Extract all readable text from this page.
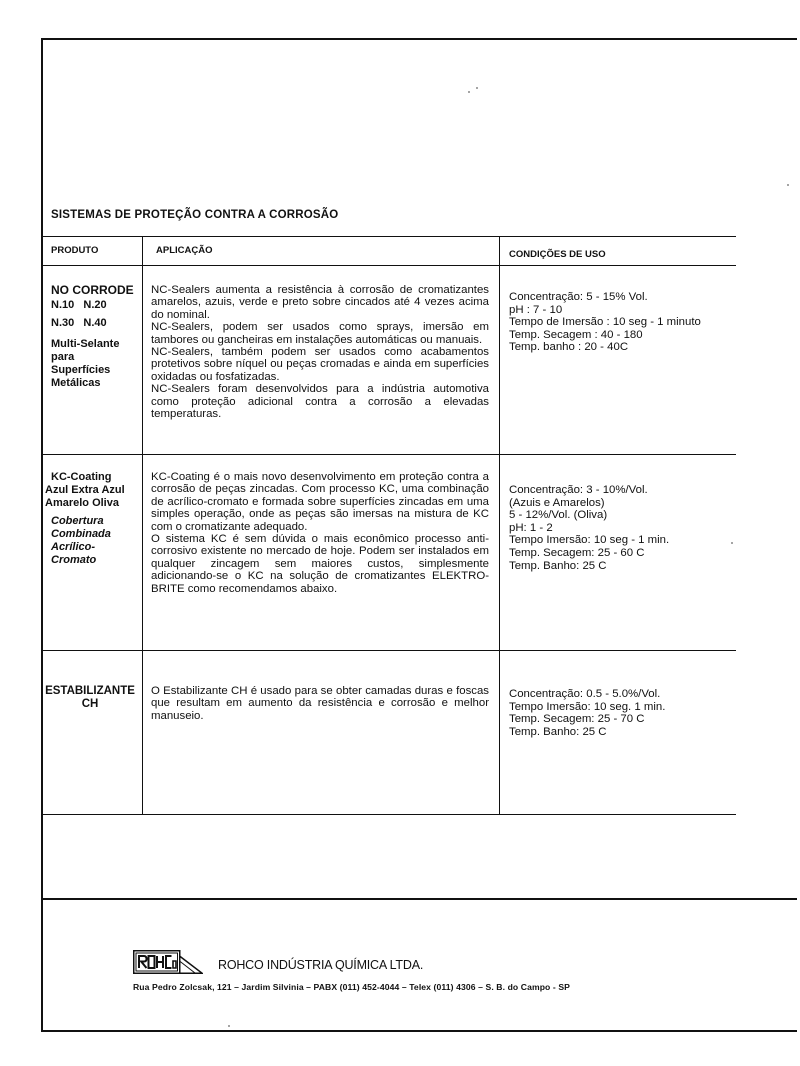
SISTEMAS DE PROTEÇÃO CONTRA A CORROSÃO
PRODUTO	APLICAÇÃO	CONDIÇÕES DE USO
NO CORRODE
N.10   N.20
N.30   N.40
Multi-Selante
para
Superfícies
Metálicas

NC-Sealers aumenta a resistência à corrosão de cromatizantes amarelos, azuis, verde e preto sobre cincados até 4 vezes acima do nominal.

NC-Sealers, podem ser usados como sprays, imersão em tambores ou gancheiras em instalações automáticas ou manuais.

NC-Sealers, também podem ser usados como acabamentos protetivos sobre níquel ou peças cromadas e ainda em superfícies oxidadas ou fosfatizadas.

NC-Sealers foram desenvolvidos para a indústria automotiva como proteção adicional contra a corrosão a elevadas temperaturas.

Concentração: 5 - 15% Vol.
pH : 7 - 10
Tempo de Imersão : 10 seg - 1 minuto
Temp. Secagem : 40 - 180
Temp. banho : 20 - 40C
KC-Coating
Azul Extra Azul
Amarelo Oliva
Cobertura
Combinada
Acrílico-
Cromato

KC-Coating é o mais novo desenvolvimento em proteção contra a corrosão de peças zincadas. Com processo KC, uma combinação de acrílico-cromato e formada sobre superfícies zincadas em uma simples operação, onde as peças são imersas na mistura de KC com o cromatizante adequado.

O sistema KC é sem dúvida o mais econômico processo anti-corrosivo existente no mercado de hoje. Podem ser instalados em qualquer zincagem sem maiores custos, simplesmente adicionando-se o KC na solução de cromatizantes ELEKTRO-BRITE como recomendamos abaixo.

Concentração: 3 - 10%/Vol.
(Azuis e Amarelos)
5 - 12%/Vol. (Oliva)
pH: 1 - 2
Tempo Imersão: 10 seg - 1 min.
Temp. Secagem: 25 - 60 C
Temp. Banho: 25 C
ESTABILIZANTE
CH

O Estabilizante CH é usado para se obter camadas duras e foscas que resultam em aumento da resistência e corrosão e melhor manuseio.

Concentração: 0.5 - 5.0%/Vol.
Tempo Imersão: 10 seg. 1 min.
Temp. Secagem: 25 - 70 C
Temp. Banho: 25 C
ROHCO INDÚSTRIA QUÍMICA LTDA.
Rua Pedro Zolcsak, 121 – Jardim Silvinia – PABX (011) 452-4044 – Telex (011) 4306 – S. B. do Campo - SP
